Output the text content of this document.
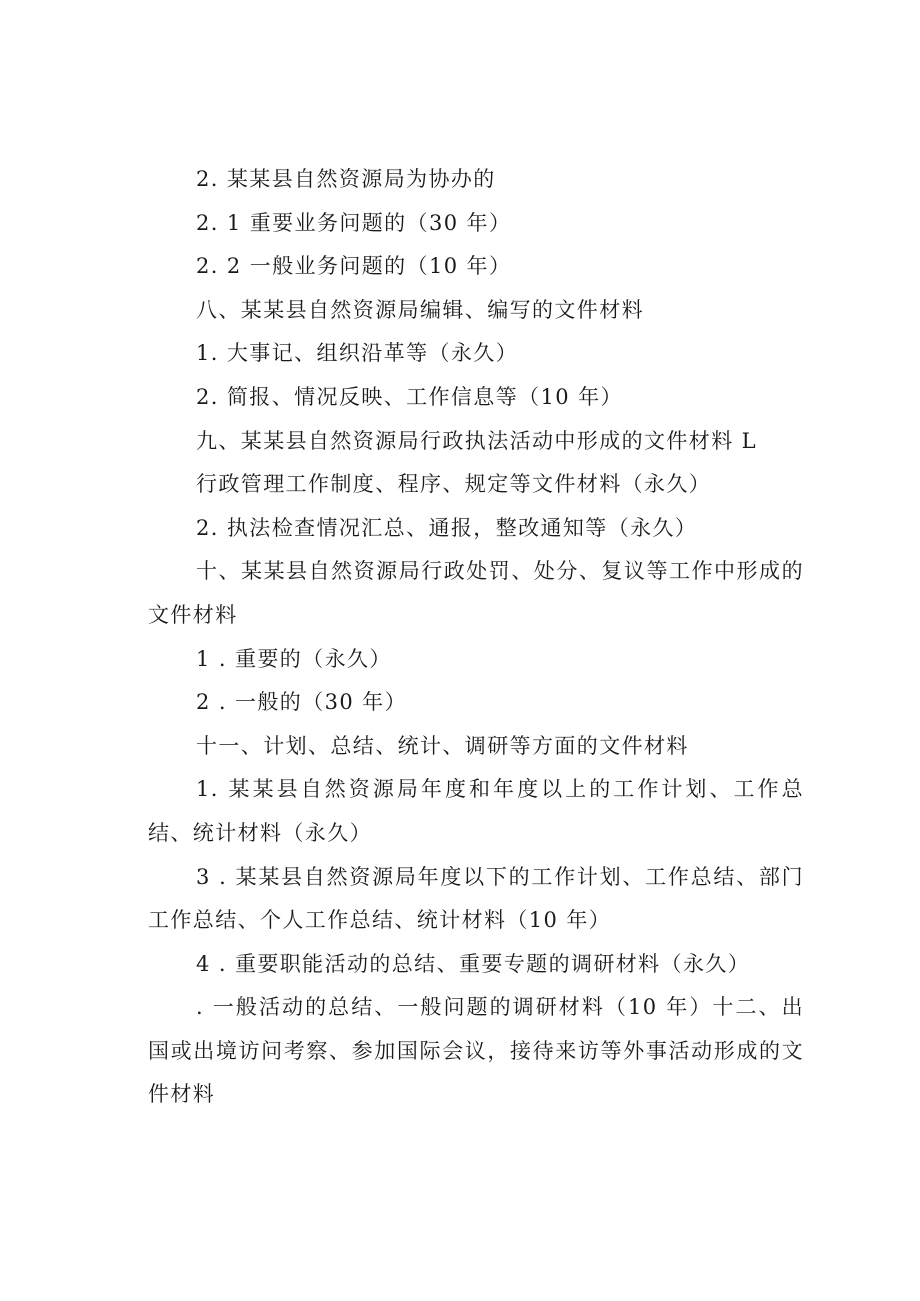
2. 某某县自然资源局为协办的

2. 1 重要业务问题的（30 年）

2. 2 一般业务问题的（10 年）

八、某某县自然资源局编辑、编写的文件材料

1. 大事记、组织沿革等（永久）

2. 简报、情况反映、工作信息等（10 年）

九、某某县自然资源局行政执法活动中形成的文件材料 L

行政管理工作制度、程序、规定等文件材料（永久）

2. 执法检查情况汇总、通报，整改通知等（永久）

十、某某县自然资源局行政处罚、处分、复议等工作中形成的文件材料

1 . 重要的（永久）

2 . 一般的（30 年）

十一、计划、总结、统计、调研等方面的文件材料

1. 某某县自然资源局年度和年度以上的工作计划、工作总结、统计材料（永久）

3 . 某某县自然资源局年度以下的工作计划、工作总结、部门工作总结、个人工作总结、统计材料（10 年）

4 . 重要职能活动的总结、重要专题的调研材料（永久）

. 一般活动的总结、一般问题的调研材料（10 年）十二、出国或出境访问考察、参加国际会议，接待来访等外事活动形成的文件材料
